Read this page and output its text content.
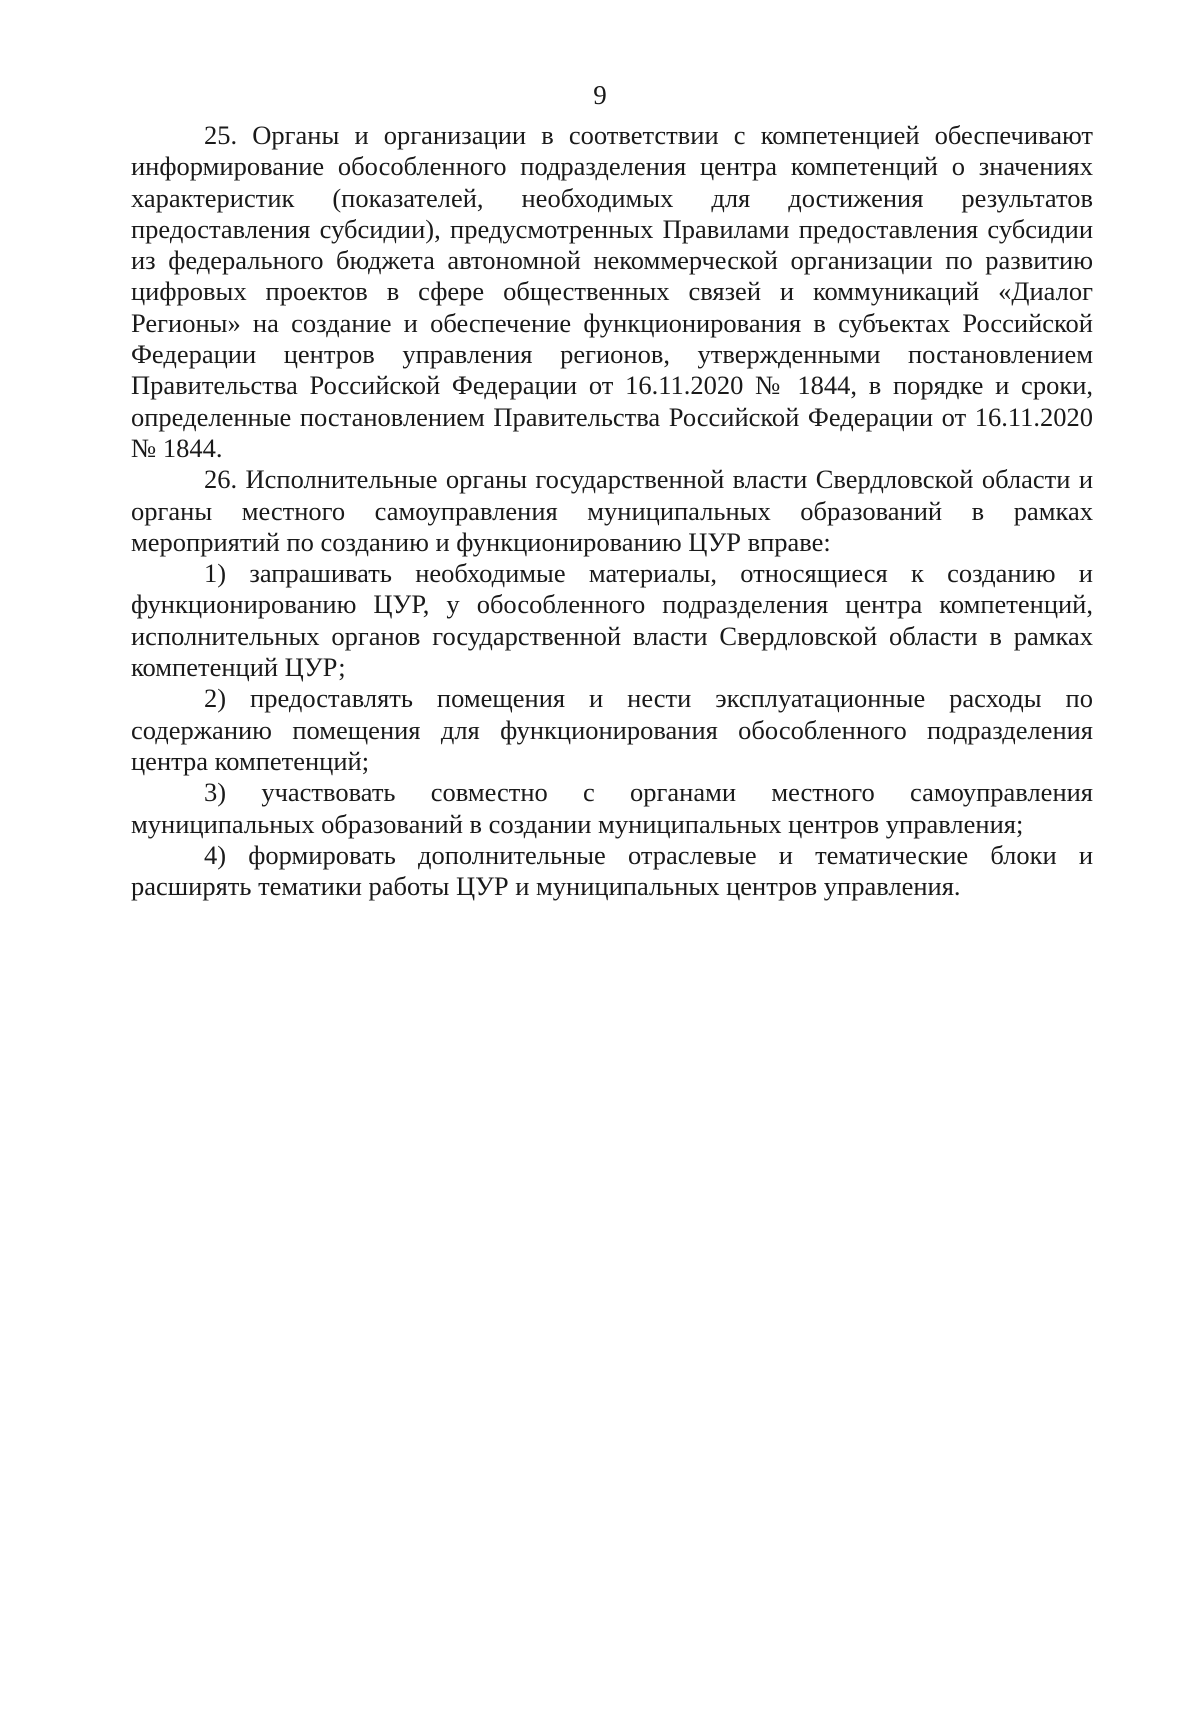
9

25. Органы и организации в соответствии с компетенцией обеспечивают информирование обособленного подразделения центра компетенций о значениях характеристик (показателей, необходимых для достижения результатов предоставления субсидии), предусмотренных Правилами предоставления субсидии из федерального бюджета автономной некоммерческой организации по развитию цифровых проектов в сфере общественных связей и коммуникаций «Диалог Регионы» на создание и обеспечение функционирования в субъектах Российской Федерации центров управления регионов, утвержденными постановлением Правительства Российской Федерации от 16.11.2020 № 1844, в порядке и сроки, определенные постановлением Правительства Российской Федерации от 16.11.2020 № 1844.

26. Исполнительные органы государственной власти Свердловской области и органы местного самоуправления муниципальных образований в рамках мероприятий по созданию и функционированию ЦУР вправе:

1) запрашивать необходимые материалы, относящиеся к созданию и функционированию ЦУР, у обособленного подразделения центра компетенций, исполнительных органов государственной власти Свердловской области в рамках компетенций ЦУР;

2) предоставлять помещения и нести эксплуатационные расходы по содержанию помещения для функционирования обособленного подразделения центра компетенций;

3) участвовать совместно с органами местного самоуправления муниципальных образований в создании муниципальных центров управления;

4) формировать дополнительные отраслевые и тематические блоки и расширять тематики работы ЦУР и муниципальных центров управления.
